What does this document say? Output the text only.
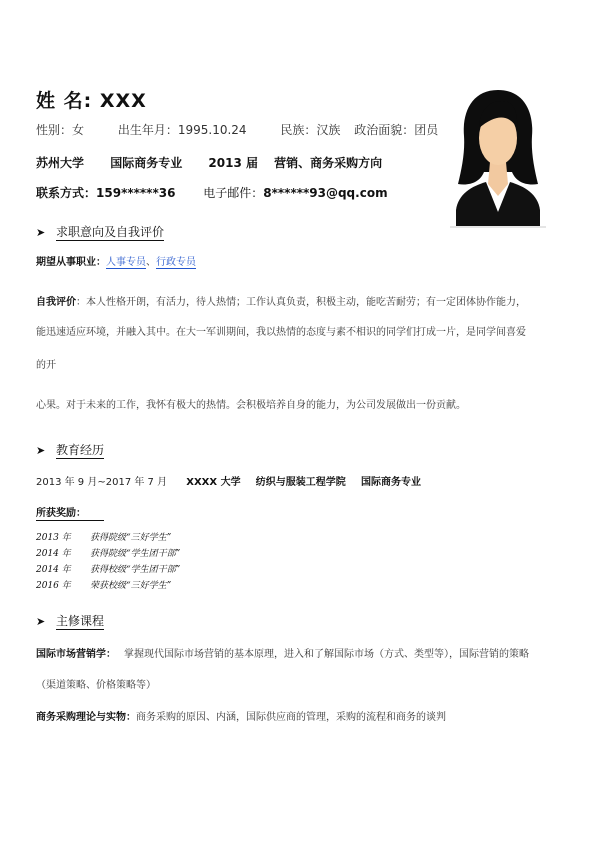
姓 名: XXX
性别：女	出生年月：1995.10.24	民族：汉族 政治面貌：团员
苏州大学 国际商务专业 2013 届 营销、商务采购方向
联系方式：159******36 电子邮件：8******93@qq.com
➤ 求职意向及自我评价
期望从事职业：人事专员、行政专员
自我评价：本人性格开朗，有活力，待人热情；工作认真负责，积极主动，能吃苦耐劳；有一定团体协作能力，
能迅速适应环境，并融入其中。在大一军训期间，我以热情的态度与素不相识的同学们打成一片，是同学间喜爱
的开
心果。对于未来的工作，我怀有极大的热情。会积极培养自身的能力，为公司发展做出一份贡献。
➤ 教育经历
2013 年 9 月~2017 年 7 月 XXXX 大学 纺织与服装工程学院 国际商务专业
所获奖励：
2013 年 获得院级“三好学生”
2014 年 获得院级“学生团干部”
2014 年 获得校级“学生团干部”
2016 年 荣获校级“三好学生”
➤ 主修课程
国际市场营销学： 掌握现代国际市场营销的基本原理，进入和了解国际市场（方式、类型等），国际营销的策略
（渠道策略、价格策略等）
商务采购理论与实物：商务采购的原因、内涵，国际供应商的管理，采购的流程和商务的谈判
